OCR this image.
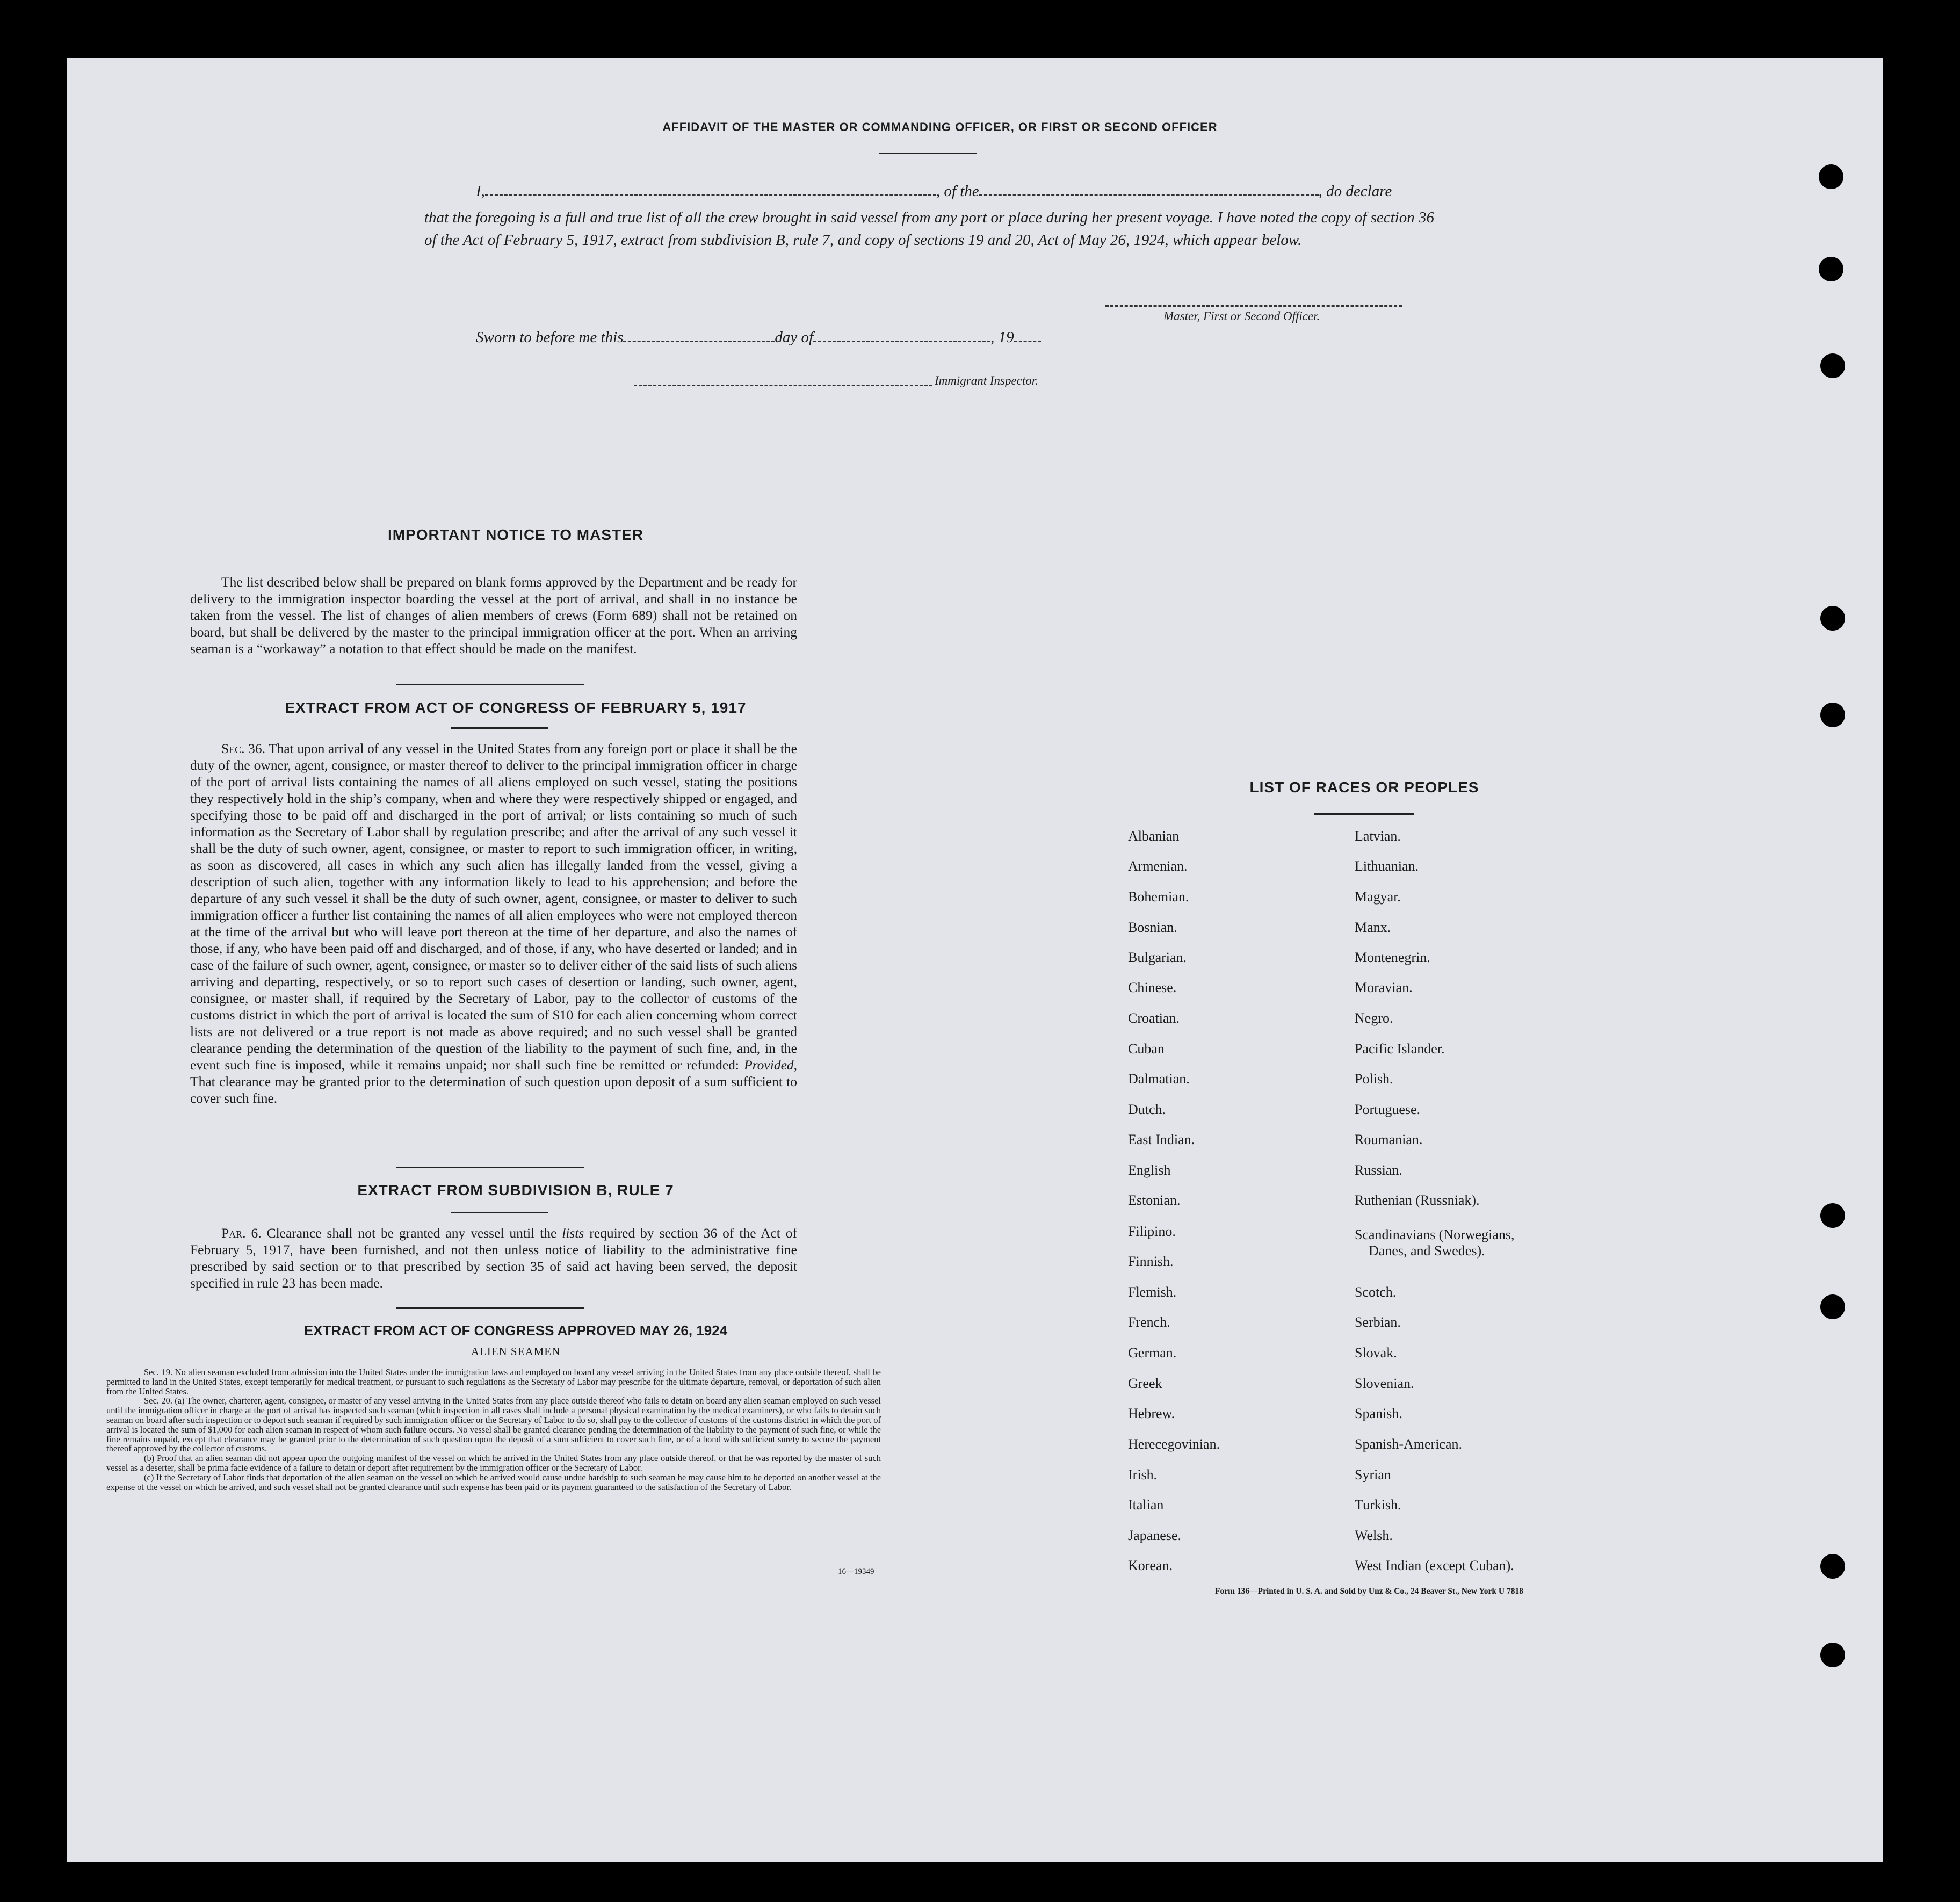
AFFIDAVIT OF THE MASTER OR COMMANDING OFFICER, OR FIRST OR SECOND OFFICER
I,	, of the	, do declare
that the foregoing is a full and true list of all the crew brought in said vessel from any port or place during her present voyage. I have noted the copy of section 36 of the Act of February 5, 1917, extract from subdivision B, rule 7, and copy of sections 19 and 20, Act of May 26, 1924, which appear below.
Master, First or Second Officer.
Sworn to before me this	day of	, 19
Immigrant Inspector.
IMPORTANT NOTICE TO MASTER
The list described below shall be prepared on blank forms approved by the Department and be ready for delivery to the immigration inspector boarding the vessel at the port of arrival, and shall in no instance be taken from the vessel. The list of changes of alien members of crews (Form 689) shall not be retained on board, but shall be delivered by the master to the principal immigration officer at the port. When an arriving seaman is a “workaway” a notation to that effect should be made on the manifest.
EXTRACT FROM ACT OF CONGRESS OF FEBRUARY 5, 1917
Sec. 36. That upon arrival of any vessel in the United States from any foreign port or place it shall be the duty of the owner, agent, consignee, or master thereof to deliver to the principal immigration officer in charge of the port of arrival lists containing the names of all aliens employed on such vessel, stating the positions they respectively hold in the ship’s company, when and where they were respectively shipped or engaged, and specifying those to be paid off and discharged in the port of arrival; or lists containing so much of such information as the Secretary of Labor shall by regulation prescribe; and after the arrival of any such vessel it shall be the duty of such owner, agent, consignee, or master to report to such immigration officer, in writing, as soon as discovered, all cases in which any such alien has illegally landed from the vessel, giving a description of such alien, together with any information likely to lead to his apprehension; and before the departure of any such vessel it shall be the duty of such owner, agent, consignee, or master to deliver to such immigration officer a further list containing the names of all alien employees who were not employed thereon at the time of the arrival but who will leave port thereon at the time of her departure, and also the names of those, if any, who have been paid off and discharged, and of those, if any, who have deserted or landed; and in case of the failure of such owner, agent, consignee, or master so to deliver either of the said lists of such aliens arriving and departing, respectively, or so to report such cases of desertion or landing, such owner, agent, consignee, or master shall, if required by the Secretary of Labor, pay to the collector of customs of the customs district in which the port of arrival is located the sum of $10 for each alien concerning whom correct lists are not delivered or a true report is not made as above required; and no such vessel shall be granted clearance pending the determination of the question of the liability to the payment of such fine, and, in the event such fine is imposed, while it remains unpaid; nor shall such fine be remitted or refunded: Provided, That clearance may be granted prior to the determination of such question upon deposit of a sum sufficient to cover such fine.
EXTRACT FROM SUBDIVISION B, RULE 7
Par. 6. Clearance shall not be granted any vessel until the lists required by section 36 of the Act of February 5, 1917, have been furnished, and not then unless notice of liability to the administrative fine prescribed by said section or to that prescribed by section 35 of said act having been served, the deposit specified in rule 23 has been made.
EXTRACT FROM ACT OF CONGRESS APPROVED MAY 26, 1924
ALIEN SEAMEN
Sec. 19. No alien seaman excluded from admission into the United States under the immigration laws and employed on board any vessel arriving in the United States from any place outside thereof, shall be permitted to land in the United States, except temporarily for medical treatment, or pursuant to such regulations as the Secretary of Labor may prescribe for the ultimate departure, removal, or deportation of such alien from the United States.
Sec. 20. (a) The owner, charterer, agent, consignee, or master of any vessel arriving in the United States from any place outside thereof who fails to detain on board any alien seaman employed on such vessel until the immigration officer in charge at the port of arrival has inspected such seaman (which inspection in all cases shall include a personal physical examination by the medical examiners), or who fails to detain such seaman on board after such inspection or to deport such seaman if required by such immigration officer or the Secretary of Labor to do so, shall pay to the collector of customs of the customs district in which the port of arrival is located the sum of $1,000 for each alien seaman in respect of whom such failure occurs. No vessel shall be granted clearance pending the determination of the liability to the payment of such fine, or while the fine remains unpaid, except that clearance may be granted prior to the determination of such question upon the deposit of a sum sufficient to cover such fine, or of a bond with sufficient surety to secure the payment thereof approved by the collector of customs.
(b) Proof that an alien seaman did not appear upon the outgoing manifest of the vessel on which he arrived in the United States from any place outside thereof, or that he was reported by the master of such vessel as a deserter, shall be prima facie evidence of a failure to detain or deport after requirement by the immigration officer or the Secretary of Labor.
(c) If the Secretary of Labor finds that deportation of the alien seaman on the vessel on which he arrived would cause undue hardship to such seaman he may cause him to be deported on another vessel at the expense of the vessel on which he arrived, and such vessel shall not be granted clearance until such expense has been paid or its payment guaranteed to the satisfaction of the Secretary of Labor.
16—19349
LIST OF RACES OR PEOPLES
Albanian
Armenian.
Bohemian.
Bosnian.
Bulgarian.
Chinese.
Croatian.
Cuban
Dalmatian.
Dutch.
East Indian.
English
Estonian.
Filipino.
Finnish.
Flemish.
French.
German.
Greek
Hebrew.
Herecegovinian.
Irish.
Italian
Japanese.
Korean.
Latvian.
Lithuanian.
Magyar.
Manx.
Montenegrin.
Moravian.
Negro.
Pacific Islander.
Polish.
Portuguese.
Roumanian.
Russian.
Ruthenian (Russniak).
Scandinavians (Norwegians,
Danes, and Swedes).
Scotch.
Serbian.
Slovak.
Slovenian.
Spanish.
Spanish-American.
Syrian
Turkish.
Welsh.
West Indian (except Cuban).
Form 136—Printed in U. S. A. and Sold by Unz & Co., 24 Beaver St., New York U 7818
